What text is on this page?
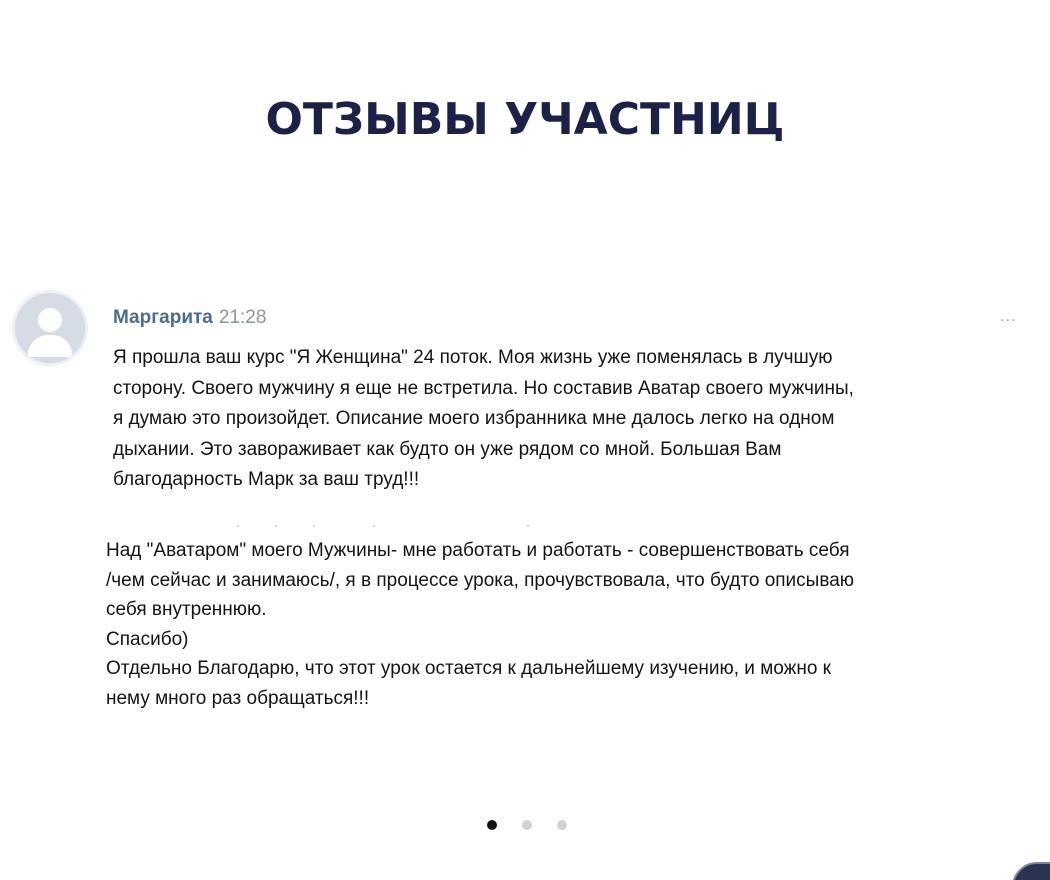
ОТЗЫВЫ УЧАСТНИЦ
Маргарита 21:28	...

Я прошла ваш курс "Я Женщина" 24 поток. Моя жизнь уже поменялась в лучшую
сторону. Своего мужчину я еще не встретила. Но составив Аватар своего мужчины,
я думаю это произойдет. Описание моего избранника мне далось легко на одном
дыхании. Это завораживает как будто он уже рядом со мной. Большая Вам
благодарность Марк за ваш труд!!!

Над "Аватаром" моего Мужчины- мне работать и работать - совершенствовать себя
/чем сейчас и занимаюсь/, я в процессе урока, прочувствовала, что будто описываю
себя внутреннюю.
Спасибо)
Отдельно Благодарю, что этот урок остается к дальнейшему изучению, и можно к
нему много раз обращаться!!!
